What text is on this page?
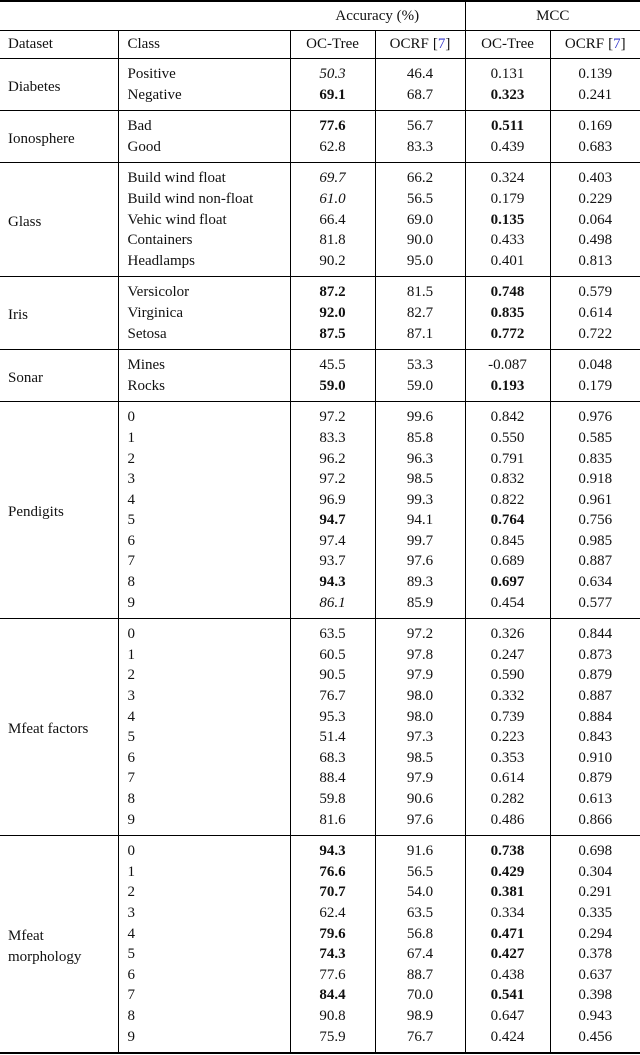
		Accuracy (%)		MCC	
Dataset	Class	OC-Tree	OCRF [7]	OC-Tree	OCRF [7]
Diabetes	Positive	50.3	46.4	0.131	0.139
	Negative	69.1	68.7	0.323	0.241
Ionosphere	Bad	77.6	56.7	0.511	0.169
	Good	62.8	83.3	0.439	0.683
Glass	Build wind float	69.7	66.2	0.324	0.403
	Build wind non-float	61.0	56.5	0.179	0.229
	Vehic wind float	66.4	69.0	0.135	0.064
	Containers	81.8	90.0	0.433	0.498
	Headlamps	90.2	95.0	0.401	0.813
Iris	Versicolor	87.2	81.5	0.748	0.579
	Virginica	92.0	82.7	0.835	0.614
	Setosa	87.5	87.1	0.772	0.722
Sonar	Mines	45.5	53.3	-0.087	0.048
	Rocks	59.0	59.0	0.193	0.179
Pendigits	0	97.2	99.6	0.842	0.976
	1	83.3	85.8	0.550	0.585
	2	96.2	96.3	0.791	0.835
	3	97.2	98.5	0.832	0.918
	4	96.9	99.3	0.822	0.961
	5	94.7	94.1	0.764	0.756
	6	97.4	99.7	0.845	0.985
	7	93.7	97.6	0.689	0.887
	8	94.3	89.3	0.697	0.634
	9	86.1	85.9	0.454	0.577
Mfeat factors	0	63.5	97.2	0.326	0.844
	1	60.5	97.8	0.247	0.873
	2	90.5	97.9	0.590	0.879
	3	76.7	98.0	0.332	0.887
	4	95.3	98.0	0.739	0.884
	5	51.4	97.3	0.223	0.843
	6	68.3	98.5	0.353	0.910
	7	88.4	97.9	0.614	0.879
	8	59.8	90.6	0.282	0.613
	9	81.6	97.6	0.486	0.866
Mfeat morphology	0	94.3	91.6	0.738	0.698
	1	76.6	56.5	0.429	0.304
	2	70.7	54.0	0.381	0.291
	3	62.4	63.5	0.334	0.335
	4	79.6	56.8	0.471	0.294
	5	74.3	67.4	0.427	0.378
	6	77.6	88.7	0.438	0.637
	7	84.4	70.0	0.541	0.398
	8	90.8	98.9	0.647	0.943
	9	75.9	76.7	0.424	0.456
